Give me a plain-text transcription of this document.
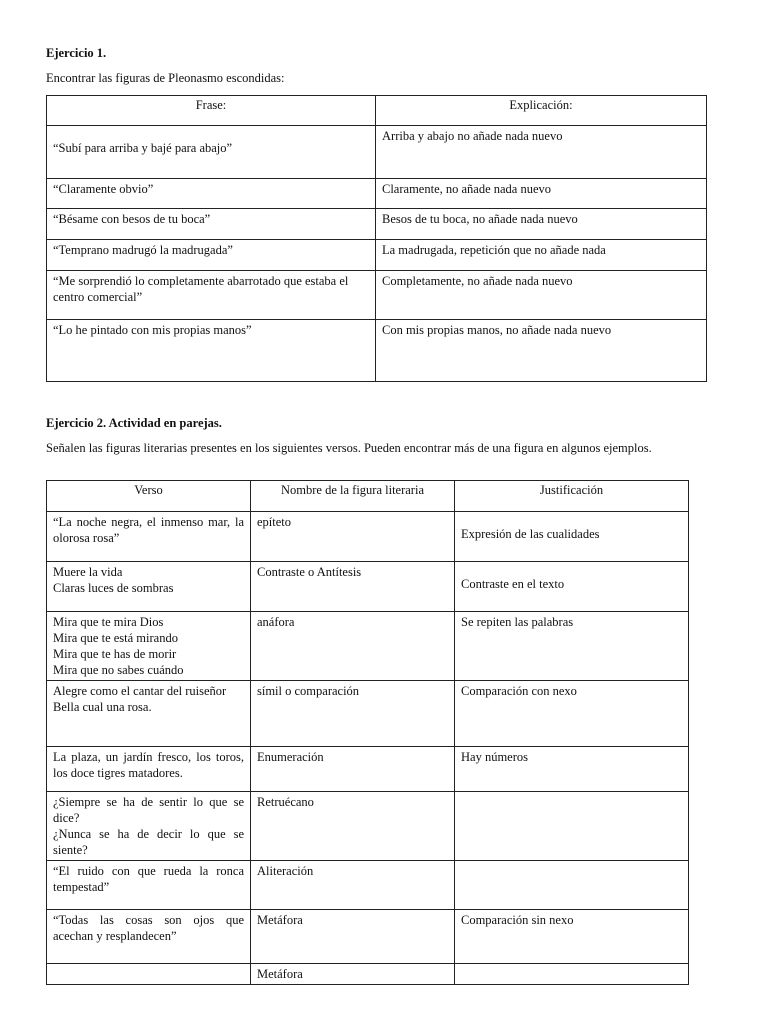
Ejercicio 1.
Encontrar las figuras de Pleonasmo escondidas:
Frase:	Explicación:
“Subí para arriba y bajé para abajo”	Arriba y abajo no añade nada nuevo
“Claramente obvio”	Claramente, no añade nada nuevo
“Bésame con besos de tu boca”	Besos de tu boca, no añade nada nuevo
“Temprano madrugó la madrugada”	La madrugada, repetición que no añade nada
“Me sorprendió lo completamente abarrotado que estaba el centro comercial”	Completamente, no añade nada nuevo
“Lo he pintado con mis propias manos”	Con mis propias manos, no añade nada nuevo
Ejercicio 2. Actividad en parejas.
Señalen las figuras literarias presentes en los siguientes versos. Pueden encontrar más de una figura en algunos ejemplos.
Verso	Nombre de la figura literaria	Justificación
“La noche negra, el inmenso mar, la olorosa rosa”	epíteto	Expresión de las cualidades
Muere la vida
Claras luces de sombras	Contraste o Antítesis	Contraste en el texto
Mira que te mira Dios
Mira que te está mirando
Mira que te has de morir
Mira que no sabes cuándo	anáfora	Se repiten las palabras
Alegre como el cantar del ruiseñor
Bella cual una rosa.	símil o comparación	Comparación con nexo
La plaza, un jardín fresco, los toros, los doce tigres matadores.	Enumeración	Hay números
¿Siempre se ha de sentir lo que se dice?
¿Nunca se ha de decir lo que se siente?	Retruécano	
“El ruido con que rueda la ronca tempestad”	Aliteración	
“Todas las cosas son ojos que acechan y resplandecen”	Metáfora	Comparación sin nexo
	Metáfora	
